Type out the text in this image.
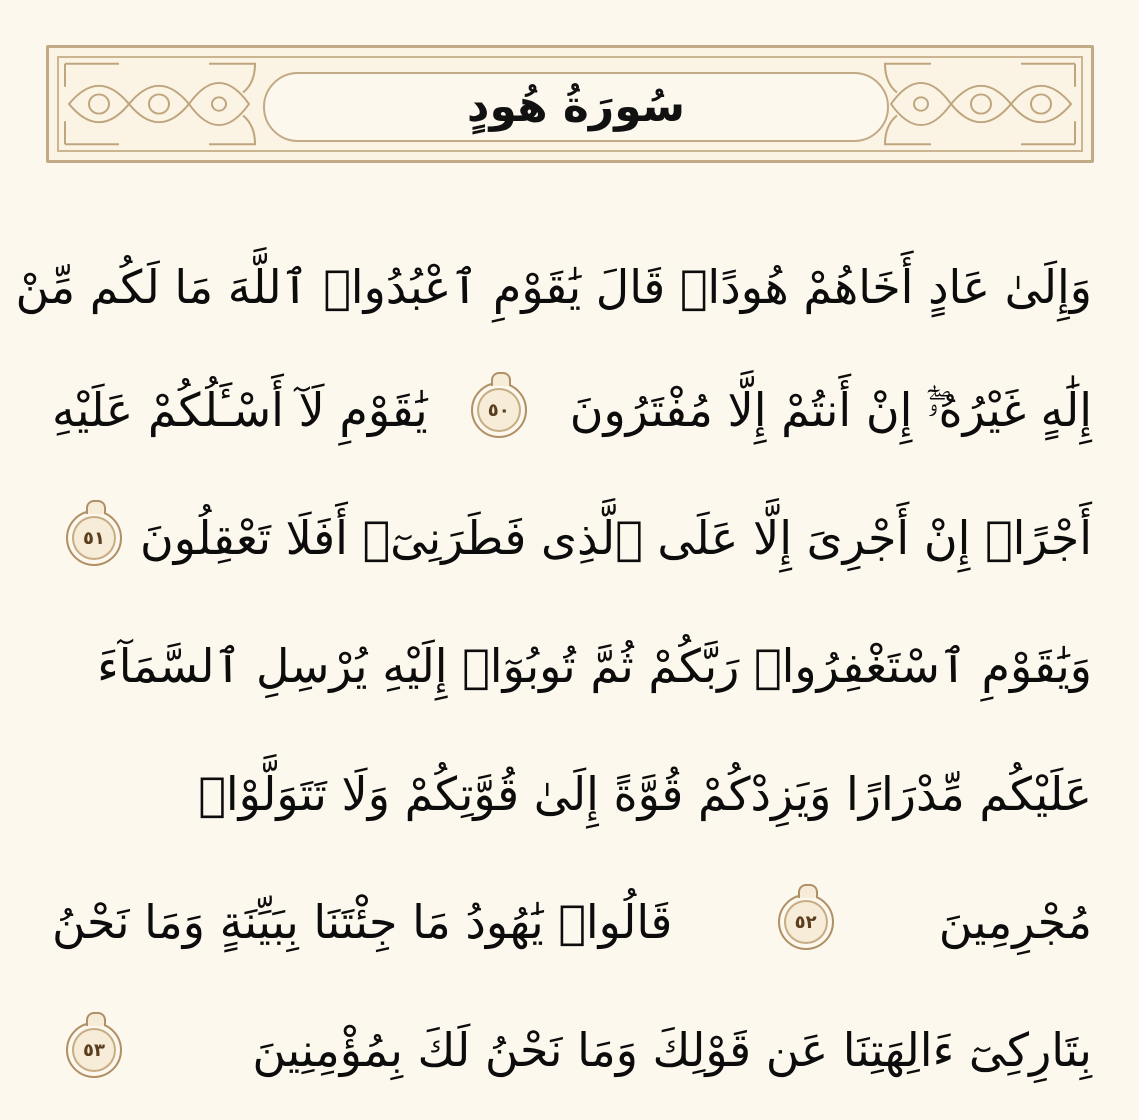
سُورَةُ هُودٍ
وَإِلَىٰ عَادٍ أَخَاهُمْ هُودًاۚ قَالَ يَٰقَوْمِ ٱعْبُدُوا۟ ٱللَّهَ مَا لَكُم مِّنْ
إِلَٰهٍ غَيْرُهُۥٓۖ إِنْ أَنتُمْ إِلَّا مُفْتَرُونَ
٥٠
يَٰقَوْمِ لَآ أَسْـَٔلُكُمْ عَلَيْهِ
أَجْرًاۖ إِنْ أَجْرِىَ إِلَّا عَلَى ٱلَّذِى فَطَرَنِىٓۚ أَفَلَا تَعْقِلُونَ
٥١
وَيَٰقَوْمِ ٱسْتَغْفِرُوا۟ رَبَّكُمْ ثُمَّ تُوبُوٓا۟ إِلَيْهِ يُرْسِلِ ٱلسَّمَآءَ
عَلَيْكُم مِّدْرَارًا وَيَزِدْكُمْ قُوَّةً إِلَىٰ قُوَّتِكُمْ وَلَا تَتَوَلَّوْا۟
مُجْرِمِينَ
٥٢
قَالُوا۟ يَٰهُودُ مَا جِئْتَنَا بِبَيِّنَةٍ وَمَا نَحْنُ
بِتَارِكِىٓ ءَالِهَتِنَا عَن قَوْلِكَ وَمَا نَحْنُ لَكَ بِمُؤْمِنِينَ
٥٣
